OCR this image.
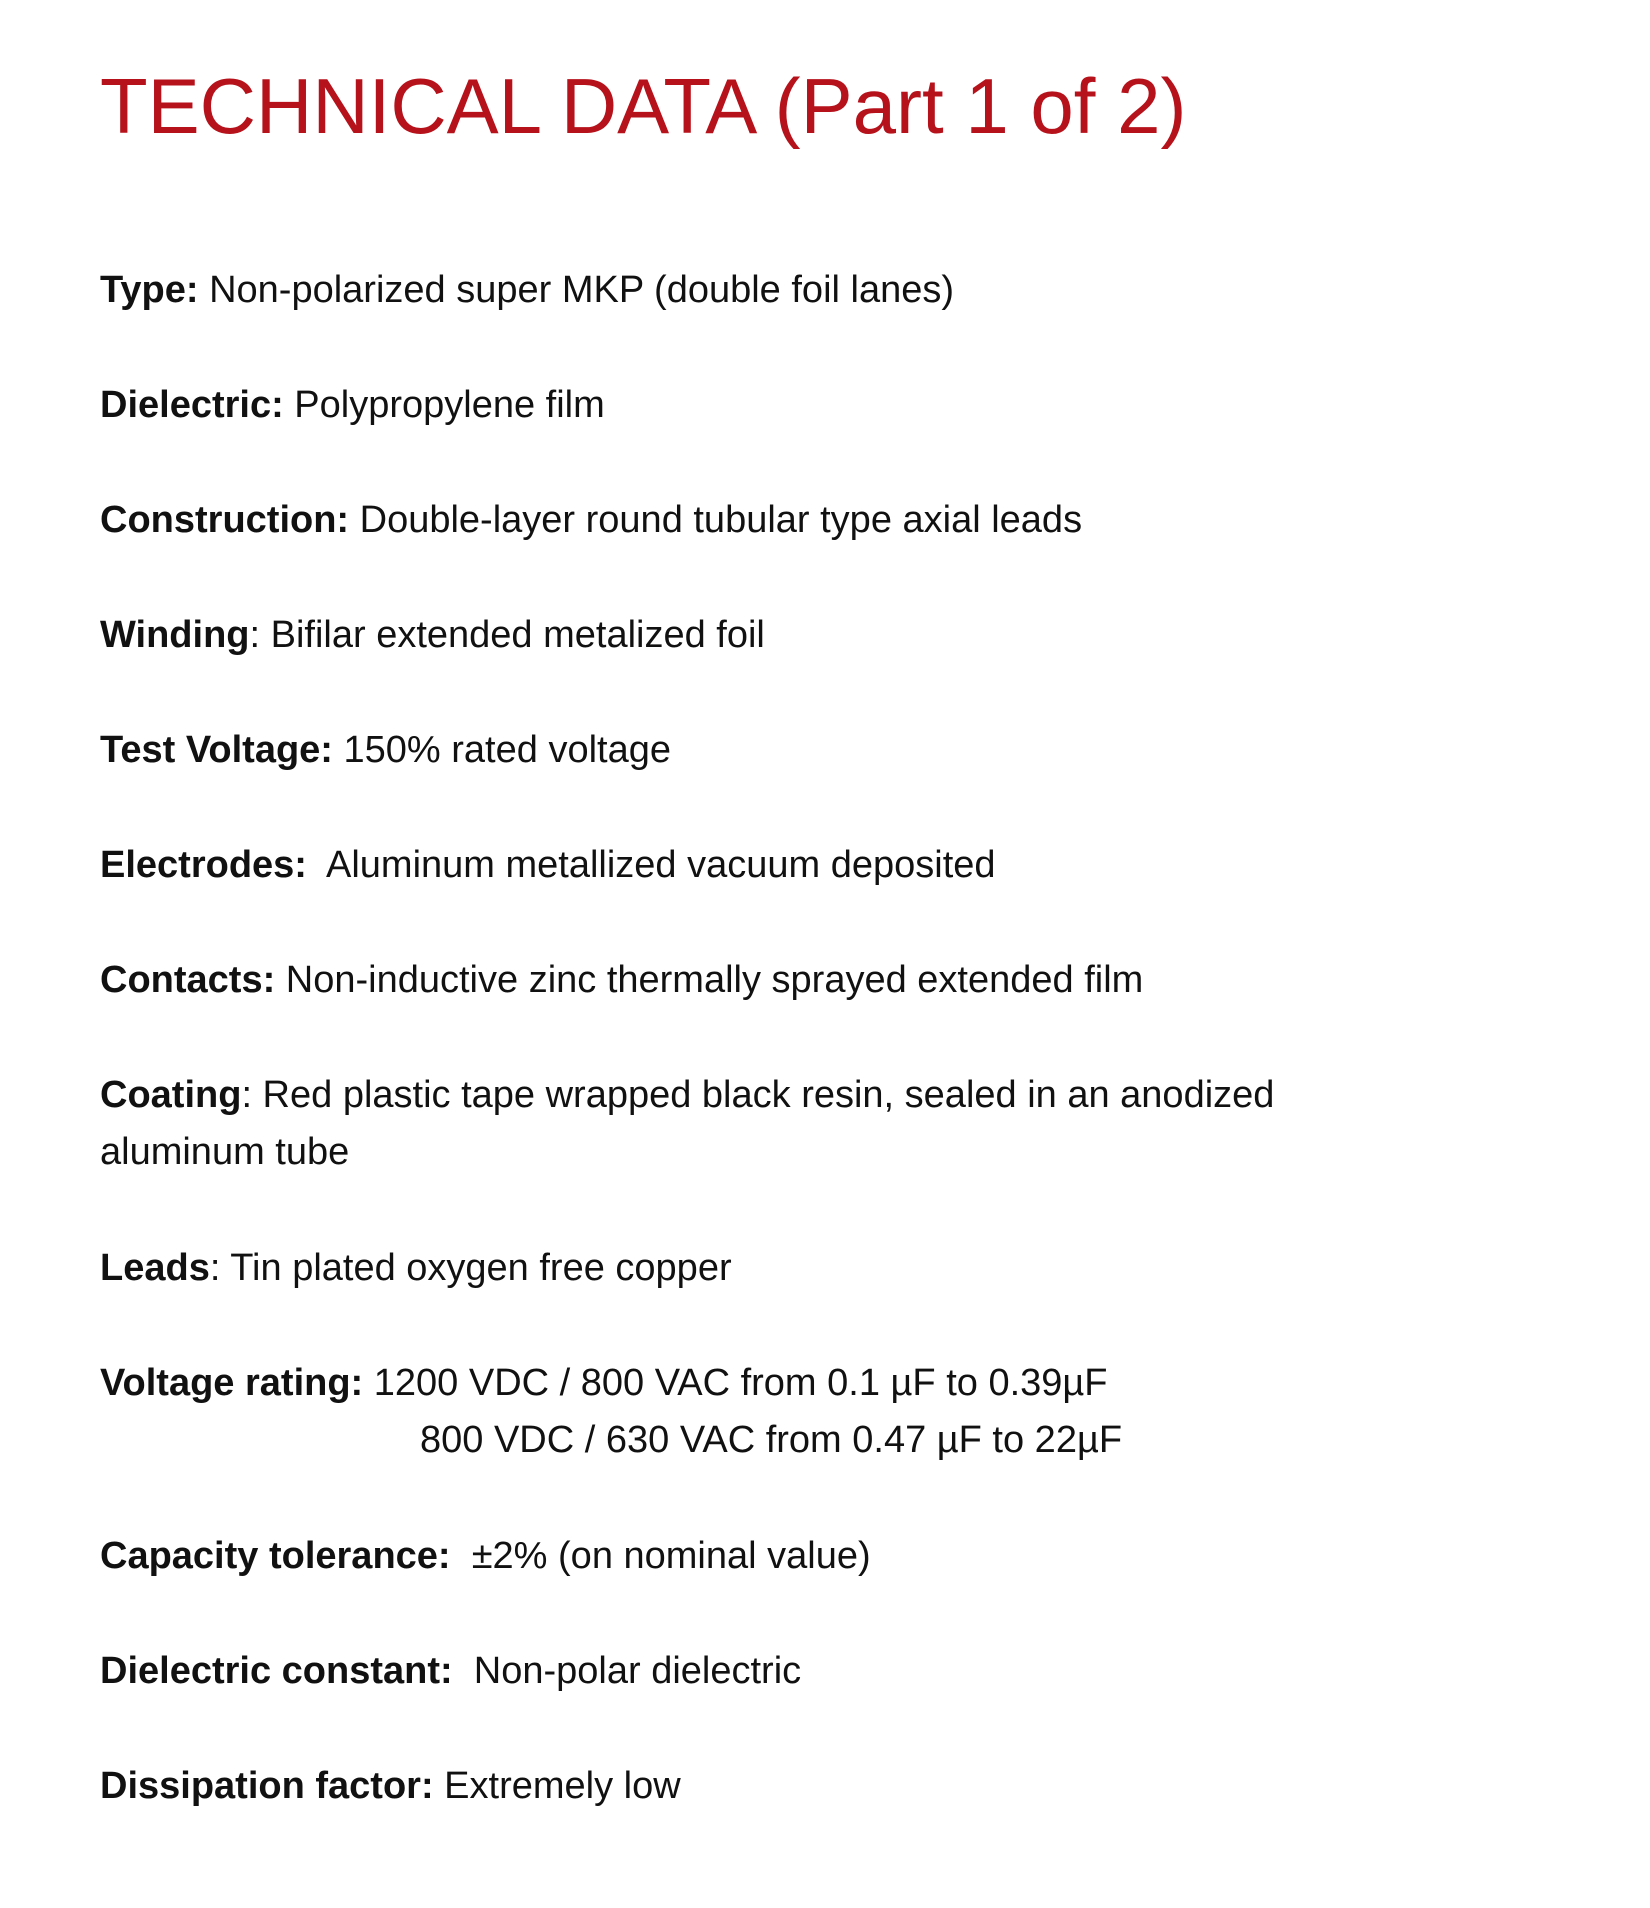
TECHNICAL DATA (Part 1 of 2)

Type: Non-polarized super MKP (double foil lanes)

Dielectric: Polypropylene film

Construction: Double-layer round tubular type axial leads

Winding: Bifilar extended metalized foil

Test Voltage: 150% rated voltage

Electrodes:  Aluminum metallized vacuum deposited

Contacts: Non-inductive zinc thermally sprayed extended film

Coating: Red plastic tape wrapped black resin, sealed in an anodized aluminum tube

Leads: Tin plated oxygen free copper

Voltage rating: 1200 VDC / 800 VAC from 0.1 µF to 0.39µF
800 VDC / 630 VAC from 0.47 µF to 22µF

Capacity tolerance:  ±2% (on nominal value)

Dielectric constant:  Non-polar dielectric

Dissipation factor: Extremely low
